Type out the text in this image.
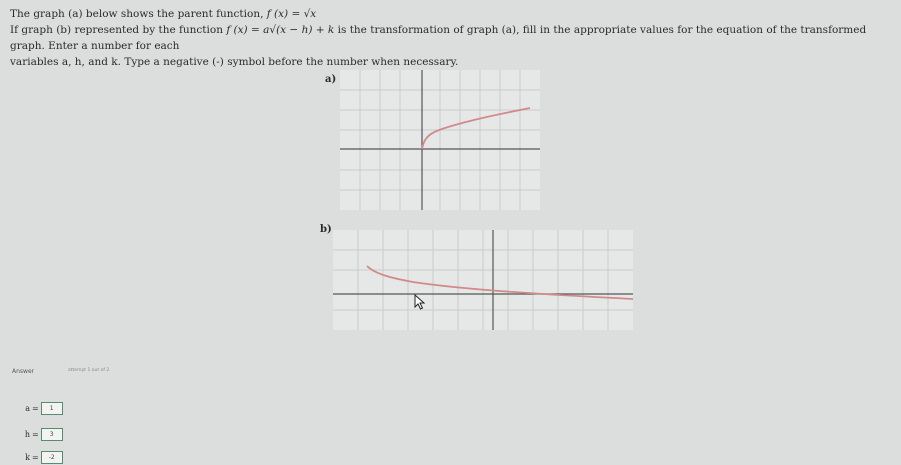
The graph (a) below shows the parent function, f (x) = √x

If graph (b) represented by the function f (x) = a√(x − h) + k is the transformation of graph (a), fill in the appropriate values for the equation of the transformed graph. Enter a number for each

variables a, h, and k. Type a negative (-) symbol before the number when necessary.

a)
b)
Answer	attempt 1 out of 2
a =	1
h =	3
k =	-2
